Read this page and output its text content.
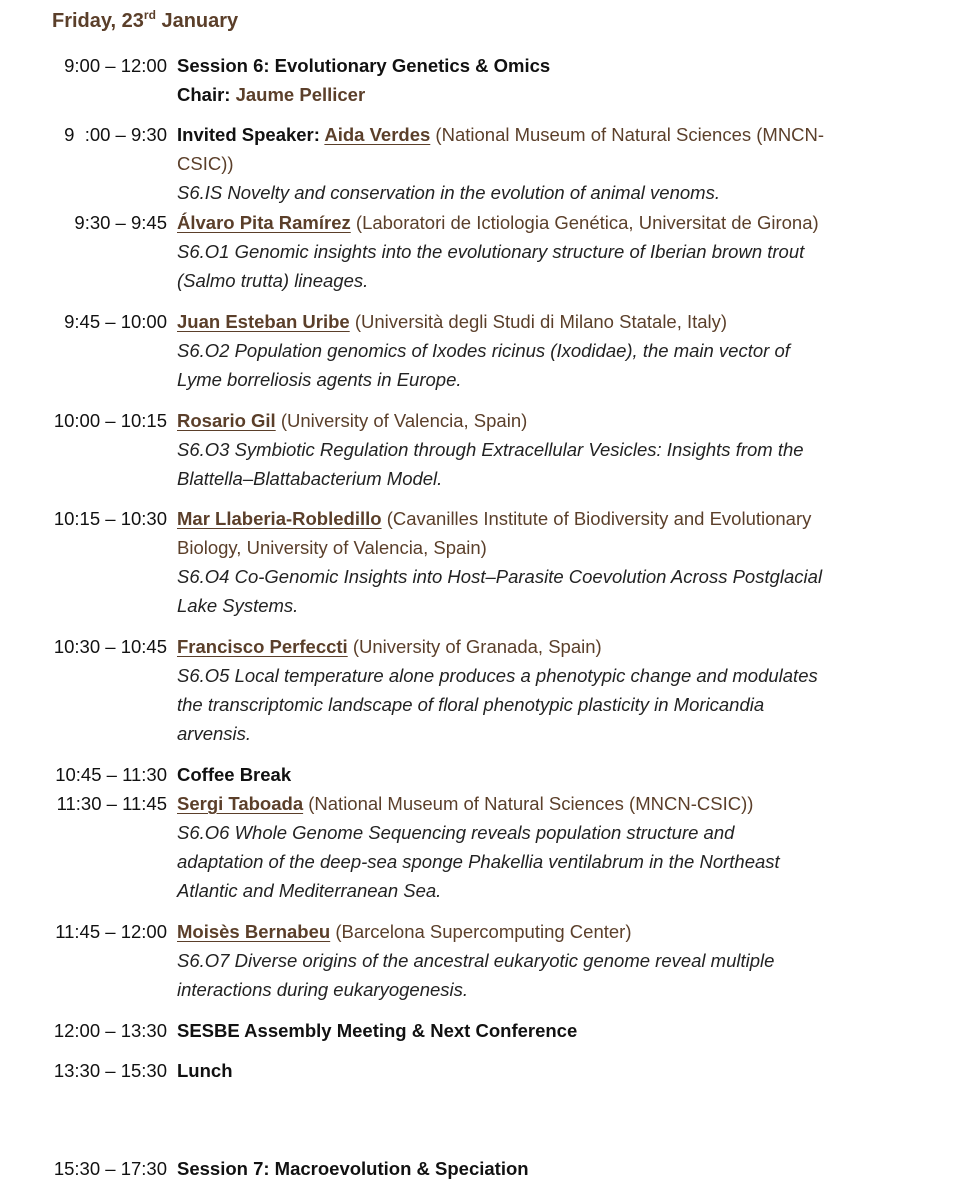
Friday, 23rd January
9:00 – 12:00 Session 6: Evolutionary Genetics & Omics
Chair: Jaume Pellicer
9  :00 – 9:30 Invited Speaker: Aida Verdes (National Museum of Natural Sciences (MNCN-
CSIC))
S6.IS Novelty and conservation in the evolution of animal venoms.
9:30 – 9:45 Álvaro Pita Ramírez (Laboratori de Ictiologia Genética, Universitat de Girona)
S6.O1 Genomic insights into the evolutionary structure of Iberian brown trout
(Salmo trutta) lineages.
9:45 – 10:00 Juan Esteban Uribe (Università degli Studi di Milano Statale, Italy)
S6.O2 Population genomics of Ixodes ricinus (Ixodidae), the main vector of
Lyme borreliosis agents in Europe.
10:00 – 10:15 Rosario Gil (University of Valencia, Spain)
S6.O3 Symbiotic Regulation through Extracellular Vesicles: Insights from the
Blattella–Blattabacterium Model.
10:15 – 10:30 Mar Llaberia-Robledillo (Cavanilles Institute of Biodiversity and Evolutionary
Biology, University of Valencia, Spain)
S6.O4 Co-Genomic Insights into Host–Parasite Coevolution Across Postglacial
Lake Systems.
10:30 – 10:45 Francisco Perfeccti (University of Granada, Spain)
S6.O5 Local temperature alone produces a phenotypic change and modulates
the transcriptomic landscape of floral phenotypic plasticity in Moricandia
arvensis.
10:45 – 11:30 Coffee Break
11:30 – 11:45 Sergi Taboada (National Museum of Natural Sciences (MNCN-CSIC))
S6.O6 Whole Genome Sequencing reveals population structure and
adaptation of the deep-sea sponge Phakellia ventilabrum in the Northeast
Atlantic and Mediterranean Sea.
11:45 – 12:00 Moisès Bernabeu (Barcelona Supercomputing Center)
S6.O7 Diverse origins of the ancestral eukaryotic genome reveal multiple
interactions during eukaryogenesis.
12:00 – 13:30 SESBE Assembly Meeting & Next Conference
13:30 – 15:30 Lunch
15:30 – 17:30 Session 7: Macroevolution & Speciation
